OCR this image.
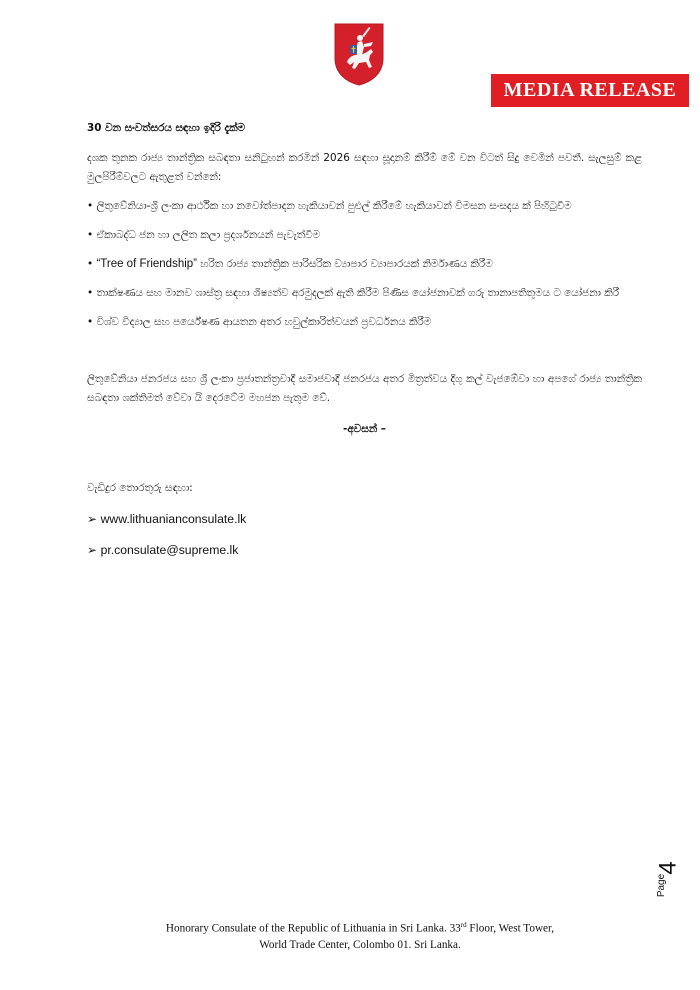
MEDIA RELEASE

30 වන සංවත්සරය සඳහා ඉදිරි දැක්ම

දශක තුනක රාජ්‍ය තාන්ත්‍රික සබඳතා සනිටුහන් කරමින් 2026 සඳහා සූදානම් කිරීම් මේ වන විටත් සිදු වෙමින් පවතී. සැලසුම් කළ මුලපිරීම්වලට ඇතුළත් වන්නේ:

• ලිතුවේනියා-ශ්‍රී ලංකා ආර්ථික හා නවෝත්පාදන හැකියාවන් පුළුල් කිරීමේ හැකියාවන් විමසන සංසදය ක් පිහිටුවීම

• ඒකාබද්ධ ජන හා ලලිත කලා ප්‍රදර්ශනයන් පැවැත්වීම

• “Tree of Friendship” හරිත රාජ්‍ය තාන්ත්‍රික පාරිසරික ව්‍යාපාර ව්‍යාපාරයක් නිර්මාණය කිරීම

• තාක්ෂණය සහ මානව ශාස්ත්‍ර සඳහා ශිෂ්‍යත්ව අරමුදලක් ඇති කිරීම පිණිස යෝජනාවක් ගරු තානාපතිතුමය ට යෝජනා කිරී

• විශ්ව විද්‍යාල සහ පර්යේෂණ ආයතන අතර හවුල්කාරිත්වයන් ප්‍රවර්ධනය කිරීම

ලිතුවේනියා ජනරජය සහ ශ්‍රී ලංකා ප්‍රජාතන්ත්‍රවාදී සමාජවාදී ජනරජය අතර මිත්‍රත්වය දිගු කල් වැජඹේවා හා අපගේ රාජ්‍ය තාන්ත්‍රික සබඳතා ශක්තිමත් වේවා යි දෙරටේම මහජන පැතුම වේ.

-අවසන් –

වැඩිදුර තොරතුරු සඳහා:

➢ www.lithuanianconsulate.lk

➢ pr.consulate@supreme.lk

Page
4
Honorary Consulate of the Republic of Lithuania in Sri Lanka. 33rd Floor, West Tower,
World Trade Center, Colombo 01. Sri Lanka.
